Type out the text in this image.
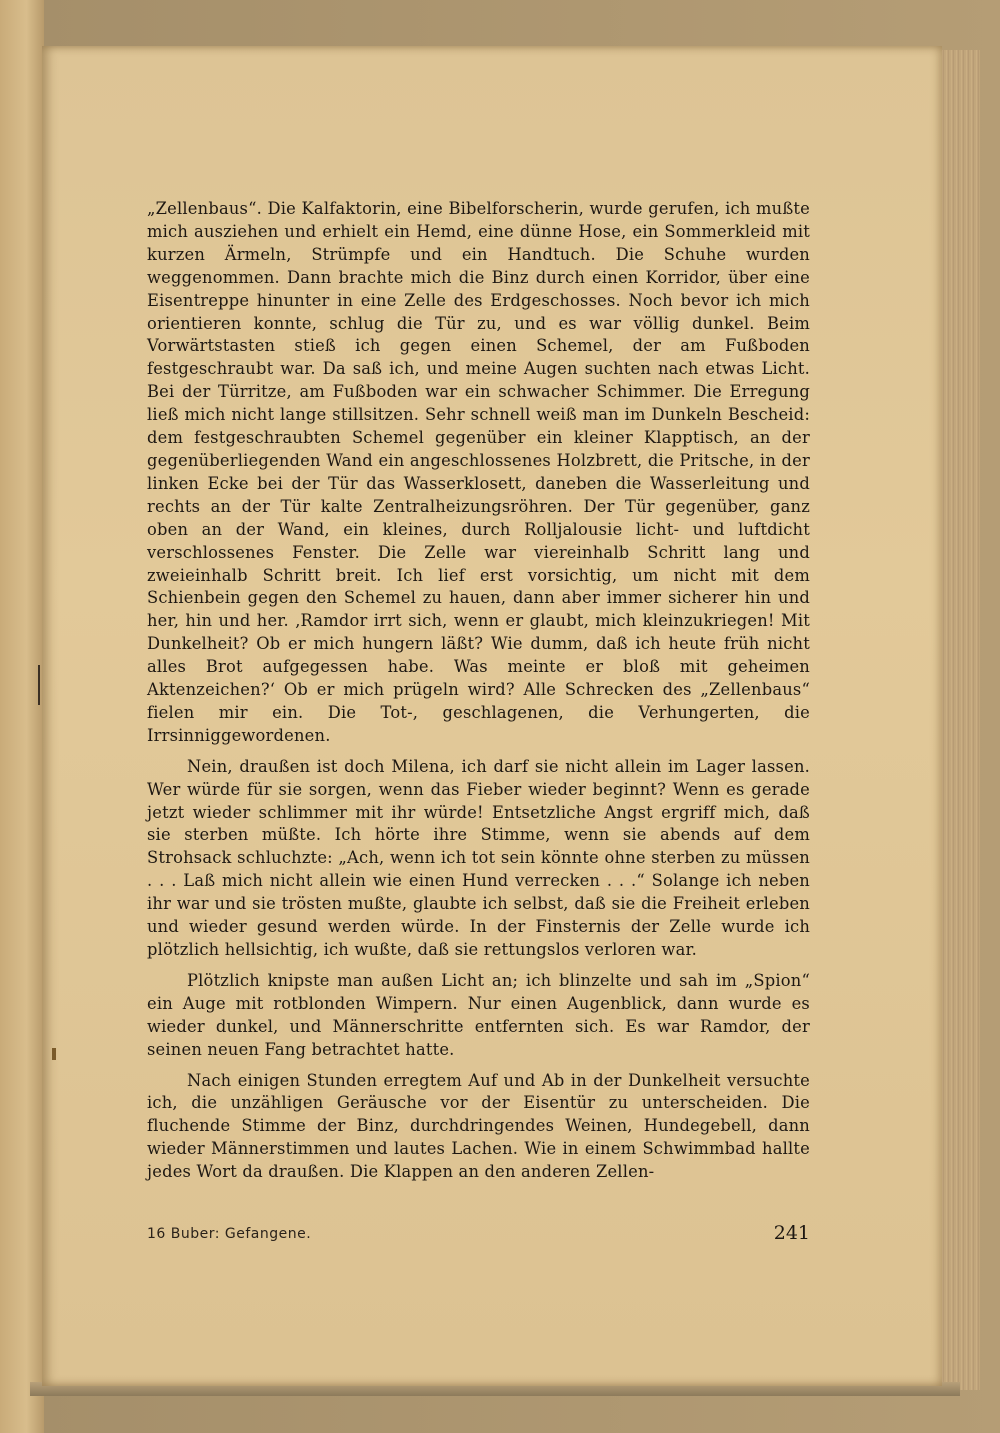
„Zellenbaus“. Die Kalfaktorin, eine Bibelforscherin, wurde gerufen, ich mußte mich ausziehen und erhielt ein Hemd, eine dünne Hose, ein Sommerkleid mit kurzen Ärmeln, Strümpfe und ein Handtuch. Die Schuhe wurden weggenommen. Dann brachte mich die Binz durch einen Korridor, über eine Eisentreppe hinunter in eine Zelle des Erdgeschosses. Noch bevor ich mich orientieren konnte, schlug die Tür zu, und es war völlig dunkel. Beim Vorwärtstasten stieß ich gegen einen Schemel, der am Fußboden festgeschraubt war. Da saß ich, und meine Augen suchten nach etwas Licht. Bei der Türritze, am Fußboden war ein schwacher Schimmer. Die Erregung ließ mich nicht lange stillsitzen. Sehr schnell weiß man im Dunkeln Bescheid: dem festgeschraubten Schemel gegenüber ein kleiner Klapptisch, an der gegenüberliegenden Wand ein angeschlossenes Holzbrett, die Pritsche, in der linken Ecke bei der Tür das Wasserklosett, daneben die Wasserleitung und rechts an der Tür kalte Zentralheizungsröhren. Der Tür gegenüber, ganz oben an der Wand, ein kleines, durch Rolljalousie licht- und luftdicht verschlossenes Fenster. Die Zelle war viereinhalb Schritt lang und zweieinhalb Schritt breit. Ich lief erst vorsichtig, um nicht mit dem Schienbein gegen den Schemel zu hauen, dann aber immer sicherer hin und her, hin und her. ‚Ramdor irrt sich, wenn er glaubt, mich kleinzukriegen! Mit Dunkelheit? Ob er mich hungern läßt? Wie dumm, daß ich heute früh nicht alles Brot aufgegessen habe. Was meinte er bloß mit geheimen Aktenzeichen?‘ Ob er mich prügeln wird? Alle Schrecken des „Zellenbaus“ fielen mir ein. Die Tot-, geschlagenen, die Verhungerten, die Irrsinniggewordenen.

Nein, draußen ist doch Milena, ich darf sie nicht allein im Lager lassen. Wer würde für sie sorgen, wenn das Fieber wieder beginnt? Wenn es gerade jetzt wieder schlimmer mit ihr würde! Entsetzliche Angst ergriff mich, daß sie sterben müßte. Ich hörte ihre Stimme, wenn sie abends auf dem Strohsack schluchzte: „Ach, wenn ich tot sein könnte ohne sterben zu müssen . . . Laß mich nicht allein wie einen Hund verrecken . . .“ Solange ich neben ihr war und sie trösten mußte, glaubte ich selbst, daß sie die Freiheit erleben und wieder gesund werden würde. In der Finsternis der Zelle wurde ich plötzlich hellsichtig, ich wußte, daß sie rettungslos verloren war.

Plötzlich knipste man außen Licht an; ich blinzelte und sah im „Spion“ ein Auge mit rotblonden Wimpern. Nur einen Augenblick, dann wurde es wieder dunkel, und Männerschritte entfernten sich. Es war Ramdor, der seinen neuen Fang betrachtet hatte.

Nach einigen Stunden erregtem Auf und Ab in der Dunkelheit versuchte ich, die unzähligen Geräusche vor der Eisentür zu unterscheiden. Die fluchende Stimme der Binz, durchdringendes Weinen, Hundegebell, dann wieder Männerstimmen und lautes Lachen. Wie in einem Schwimmbad hallte jedes Wort da draußen. Die Klappen an den anderen Zellen-

16 Buber: Gefangene.	241
